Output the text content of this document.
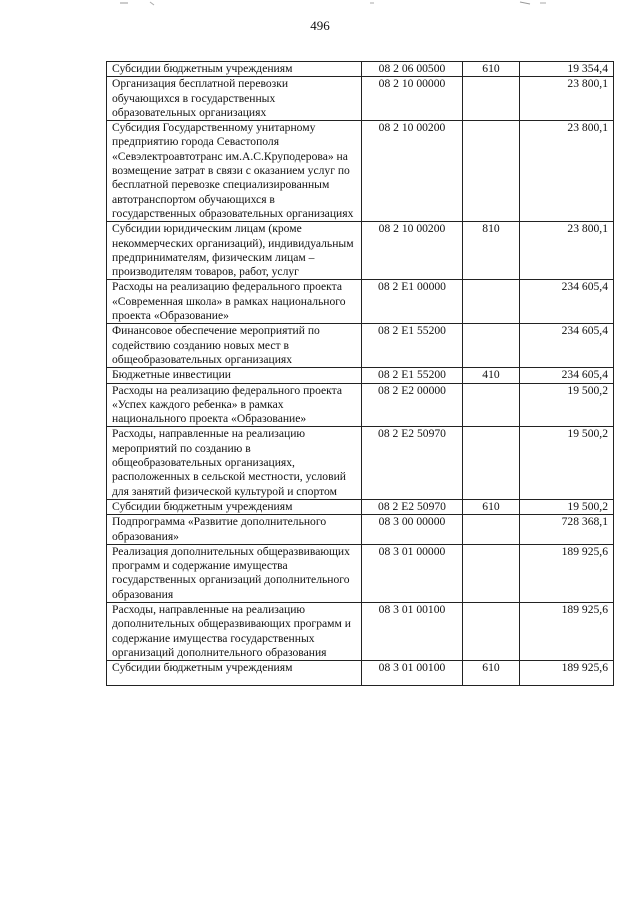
496
Субсидии бюджетным учреждениям	08 2 06 00500	610	19 354,4
Организация бесплатной перевозки обучающихся в государственных образовательных организациях	08 2 10 00000		23 800,1
Субсидия Государственному унитарному предприятию города Севастополя «Севэлектроавтотранс им.А.С.Круподерова» на возмещение затрат в связи с оказанием услуг по бесплатной перевозке специализированным автотранспортом обучающихся в государственных образовательных организациях	08 2 10 00200		23 800,1
Субсидии юридическим лицам (кроме некоммерческих организаций), индивидуальным предпринимателям, физическим лицам – производителям товаров, работ, услуг	08 2 10 00200	810	23 800,1
Расходы на реализацию федерального проекта «Современная школа» в рамках национального проекта «Образование»	08 2 E1 00000		234 605,4
Финансовое обеспечение мероприятий по содействию созданию новых мест в общеобразовательных организациях	08 2 E1 55200		234 605,4
Бюджетные инвестиции	08 2 E1 55200	410	234 605,4
Расходы на реализацию федерального проекта «Успех каждого ребенка» в рамках национального проекта «Образование»	08 2 E2 00000		19 500,2
Расходы, направленные на реализацию мероприятий по созданию в общеобразовательных организациях, расположенных в сельской местности, условий для занятий физической культурой и спортом	08 2 E2 50970		19 500,2
Субсидии бюджетным учреждениям	08 2 E2 50970	610	19 500,2
Подпрограмма «Развитие дополнительного образования»	08 3 00 00000		728 368,1
Реализация дополнительных общеразвивающих программ и содержание имущества государственных организаций дополнительного образования	08 3 01 00000		189 925,6
Расходы, направленные на реализацию дополнительных общеразвивающих программ и содержание имущества государственных организаций дополнительного образования	08 3 01 00100		189 925,6
Субсидии бюджетным учреждениям	08 3 01 00100	610	189 925,6
